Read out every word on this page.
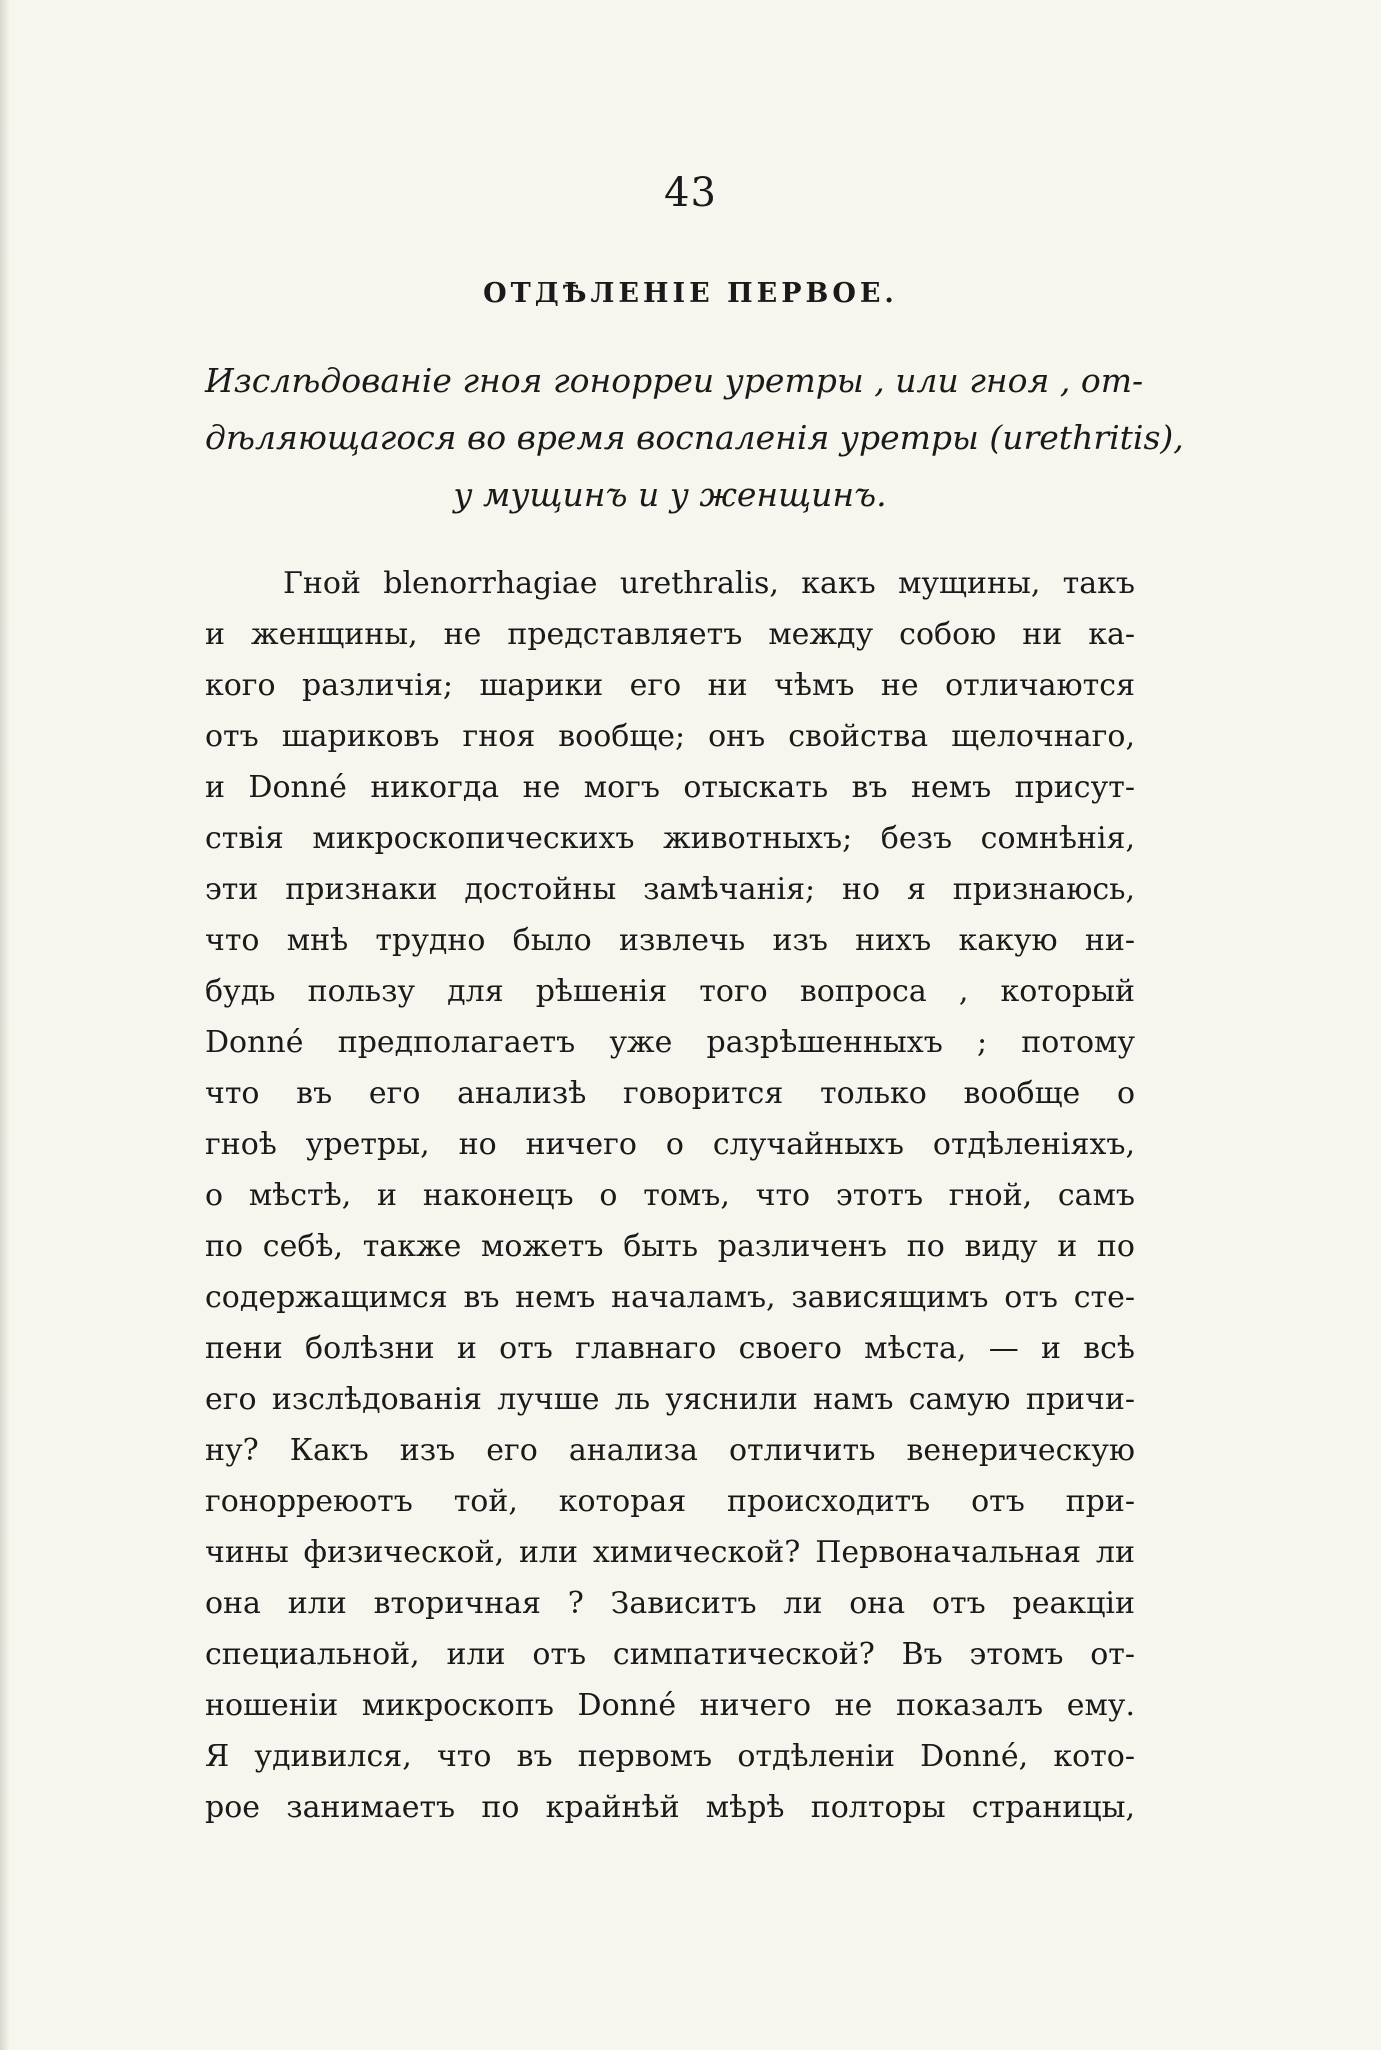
43
ОТДѢЛЕНІЕ ПЕРВОЕ.
Изслѣдованіе гноя гонорреи уретры , или гноя , от-
дѣляющагося во время воспаленія уретры (urethritis),
у мущинъ и у женщинъ.
Гной blenorrhagiae urethralis, какъ мущины, такъ
и женщины, не представляетъ между собою ни ка-
кого различія; шарики его ни чѣмъ не отличаются
отъ шариковъ гноя вообще; онъ свойства щелочнаго,
и Donné никогда не могъ отыскать въ немъ присут-
ствія микроскопическихъ животныхъ; безъ сомнѣнія,
эти признаки достойны замѣчанія; но я признаюсь,
что мнѣ трудно было извлечь изъ нихъ какую ни-
будь пользу для рѣшенія того вопроса , который
Donné предполагаетъ уже разрѣшенныхъ ; потому
что въ его анализѣ говорится только вообще о
гноѣ уретры, но ничего о случайныхъ отдѣленіяхъ,
о мѣстѣ, и наконецъ о томъ, что этотъ гной, самъ
по себѣ, также можетъ быть различенъ по виду и по
содержащимся въ немъ началамъ, зависящимъ отъ сте-
пени болѣзни и отъ главнаго своего мѣста, — и всѣ
его изслѣдованія лучше ль уяснили намъ самую причи-
ну? Какъ изъ его анализа отличить венерическую
гонорреюотъ той, которая происходитъ отъ при-
чины физической, или химической? Первоначальная ли
она или вторичная ? Зависитъ ли она отъ реакціи
специальной, или отъ симпатической? Въ этомъ от-
ношеніи микроскопъ Donné ничего не показалъ ему.
Я удивился, что въ первомъ отдѣленіи Donné, кото-
рое занимаетъ по крайнѣй мѣрѣ полторы страницы,
